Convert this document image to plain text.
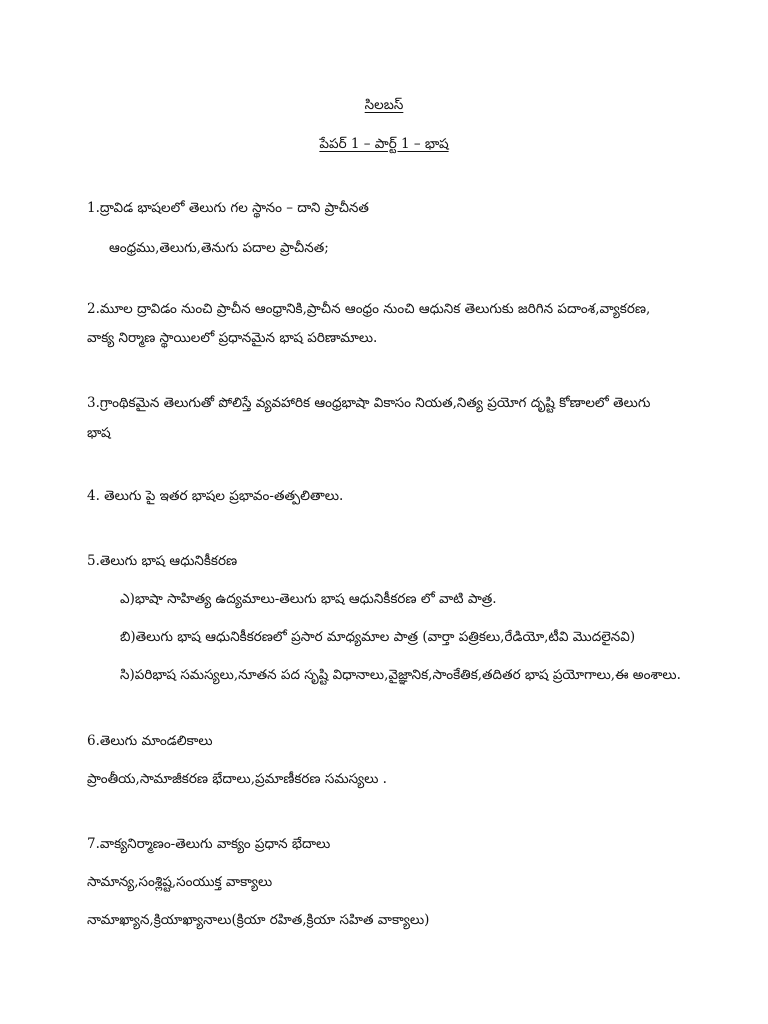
సిలబస్
పేపర్ 1 – పార్ట్ 1 – భాష
1.ద్రావిడ భాషలలో తెలుగు గల స్థానం – దాని ప్రాచీనత
ఆంధ్రము,తెలుగు,తెనుగు పదాల ప్రాచీనత;
2.మూల ద్రావిడం నుంచి ప్రాచీన ఆంధ్రానికి,ప్రాచీన ఆంధ్రం నుంచి ఆధునిక తెలుగుకు జరిగిన పదాంశ,వ్యాకరణ,
వాక్య నిర్మాణ స్థాయిలలో ప్రధానమైన భాష పరిణామాలు.
3.గ్రాంథికమైన తెలుగుతో పోలిస్తే వ్యవహారిక ఆంధ్రభాషా వికాసం నియత,నిత్య ప్రయోగ దృష్టి కోణాలలో తెలుగు
భాష
4. తెలుగు పై ఇతర భాషల ప్రభావం-తత్పలితాలు.
5.తెలుగు భాష ఆధునికీకరణ
ఎ)భాషా సాహిత్య ఉద్యమాలు-తెలుగు భాష ఆధునికీకరణ లో వాటి పాత్ర.
బి)తెలుగు భాష ఆధునికీకరణలో ప్రసార మాధ్యమాల పాత్ర (వార్తా పత్రికలు,రేడియో,టీవి మొదలైనవి)
సి)పరిభాష సమస్యలు,నూతన పద సృష్టి విధానాలు,వైజ్ఞానిక,సాంకేతిక,తదితర భాష ప్రయోగాలు,ఈ అంశాలు.
6.తెలుగు మాండలికాలు
ప్రాంతీయ,సామాజీకరణ భేదాలు,ప్రమాణీకరణ సమస్యలు .
7.వాక్యనిర్మాణం-తెలుగు వాక్యం ప్రధాన భేదాలు
సామాన్య,సంశ్లిష్ట,సంయుక్త వాక్యాలు
నామాఖ్యాన,క్రియాఖ్యానాలు(క్రియా రహిత,క్రియా సహిత వాక్యాలు)
